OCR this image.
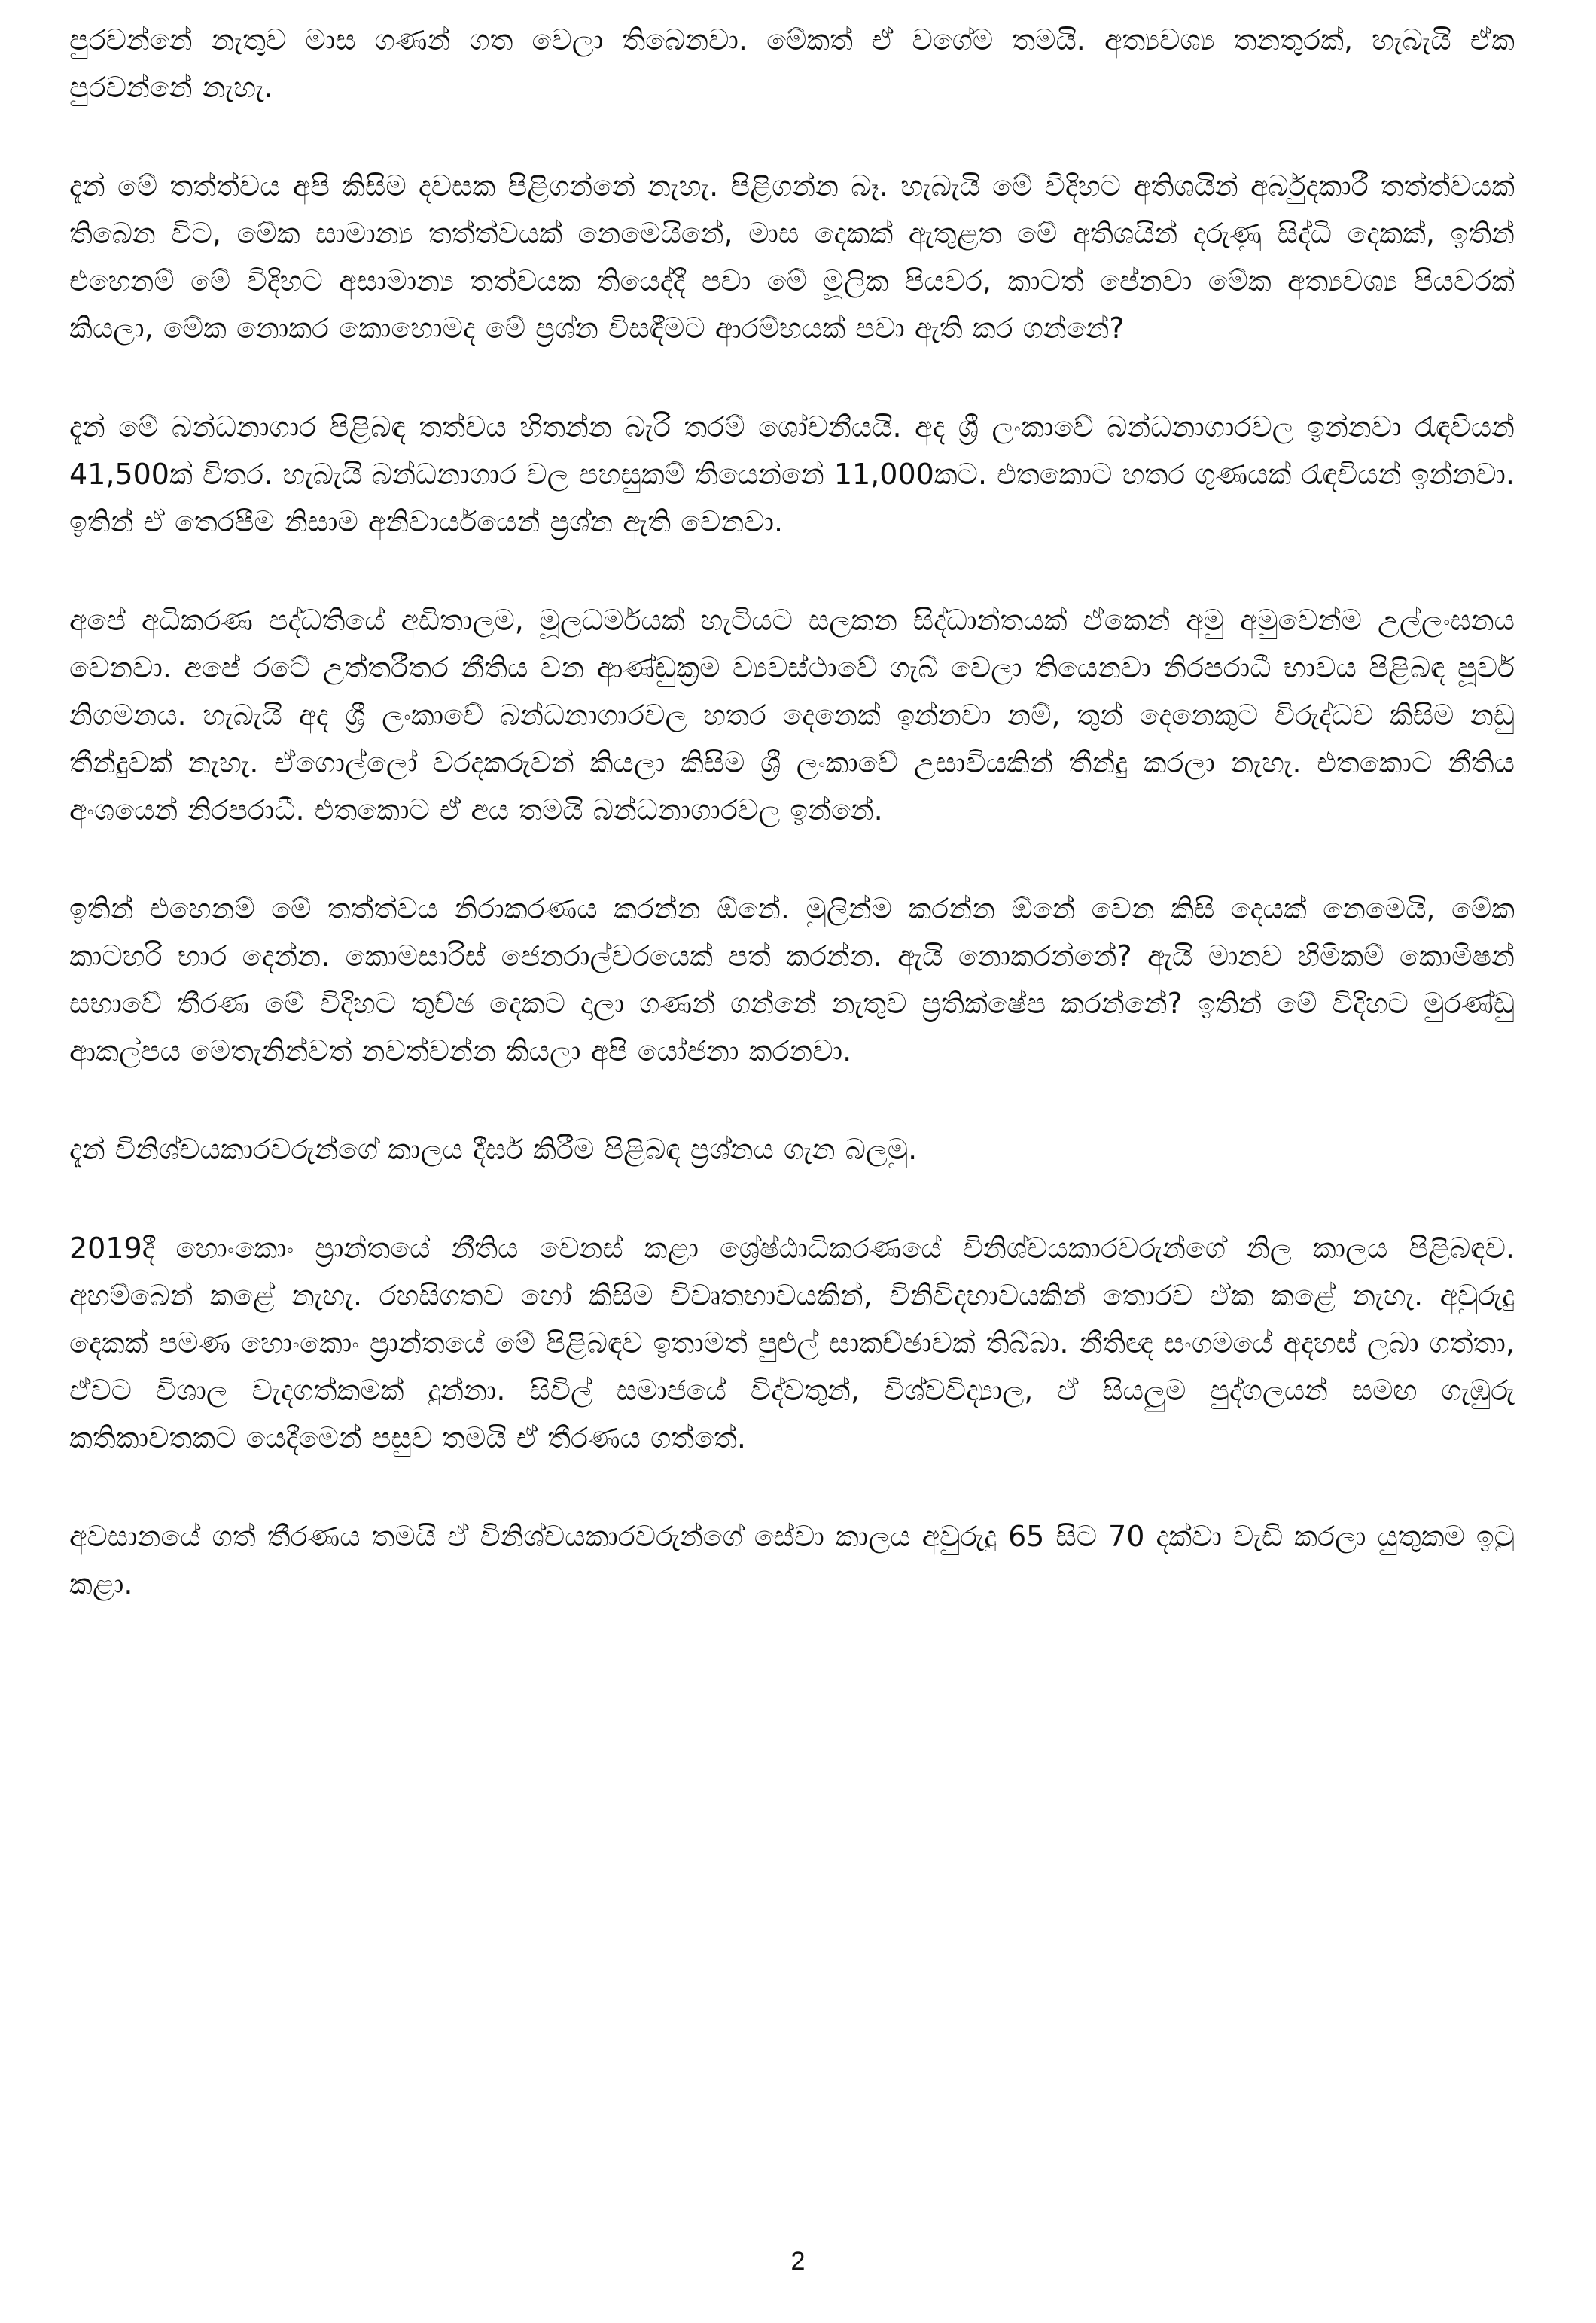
පුරවන්නේ නැතුව මාස ගණන් ගත වෙලා තිබෙනවා. මේකත් ඒ වගේම තමයි. අත්‍යවශ්‍ය තනතුරක්, හැබැයි ඒක පුරවන්නේ නැහැ.

දැන් මේ තත්ත්වය අපි කිසිම දවසක පිළිගන්නේ නැහැ. පිළිගන්න බෑ. හැබැයි මේ විදිහට අතිශයින් අර්බුදකාරී තත්ත්වයක් තිබෙන විට, මේක සාමාන්‍ය තත්ත්වයක් නෙමෙයිනේ, මාස දෙකක් ඇතුළත මේ අතිශයින් දරුණු සිද්ධි දෙකක්, ඉතින් එහෙනම් මේ විදිහට අසාමාන්‍ය තත්වයක තියෙද්දී පවා මේ මූලික පියවර, කාටත් පේනවා මේක අත්‍යවශ්‍ය පියවරක් කියලා, මේක නොකර කොහොමද මේ ප්‍රශ්න විසඳීමට ආරම්භයක් පවා ඇති කර ගන්නේ?

දැන් මේ බන්ධනාගාර පිළිබඳ තත්වය හිතන්න බැරි තරම් ශෝචනීයයි. අද ශ්‍රී ලංකාවේ බන්ධනාගාරවල ඉන්නවා රැඳවියන් 41,500ක් විතර. හැබැයි බන්ධනාගාර වල පහසුකම් තියෙන්නේ 11,000කට. එතකොට හතර ගුණයක් රැඳවියන් ඉන්නවා. ඉතින් ඒ තෙරපීම නිසාම අනිවාර්යයෙන් ප්‍රශ්න ඇති වෙනවා.

අපේ අධිකරණ පද්ධතියේ අඩිතාලම, මූලධර්මයක් හැටියට සලකන සිද්ධාන්තයක් ඒකෙන් අමු අමුවෙන්ම උල්ලංඝනය වෙනවා. අපේ රටේ උත්තරීතර නීතිය වන ආණ්ඩුක්‍රම ව්‍යවස්ථාවේ ගැබ් වෙලා තියෙනවා නිරපරාධී භාවය පිළිබඳ පූර්ව නිගමනය. හැබැයි අද ශ්‍රී ලංකාවේ බන්ධනාගාරවල හතර දෙනෙක් ඉන්නවා නම්, තුන් දෙනෙකුට විරුද්ධව කිසිම නඩු තීන්දුවක් නැහැ. ඒගොල්ලෝ වරදකරුවන් කියලා කිසිම ශ්‍රී ලංකාවේ උසාවියකින් තීන්දු කරලා නැහැ. එතකොට නීතිය අංශයෙන් නිරපරාධී. එතකොට ඒ අය තමයි බන්ධනාගාරවල ඉන්නේ.

ඉතින් එහෙනම් මේ තත්ත්වය නිරාකරණය කරන්න ඕනේ. මුලින්ම කරන්න ඕනේ වෙන කිසි දෙයක් නෙමෙයි, මේක කාටහරි භාර දෙන්න. කොමසාරිස් ජෙනරාල්වරයෙක් පත් කරන්න. ඇයි නොකරන්නේ? ඇයි මානව හිමිකම් කොමිෂන් සභාවේ තීරණ මේ විදිහට තුච්ඡ දෙකට දාලා ගණන් ගන්නේ නැතුව ප්‍රතික්ෂේප කරන්නේ? ඉතින් මේ විදිහට මුරණ්ඩු ආකල්පය මෙතැනින්වත් නවත්වන්න කියලා අපි යෝජනා කරනවා.

දැන් විනිශ්චයකාරවරුන්ගේ කාලය දීර්ඝ කිරීම පිළිබඳ ප්‍රශ්නය ගැන බලමු.

2019දී හොංකොං ප්‍රාන්තයේ නීතිය වෙනස් කළා ශ්‍රේෂ්ඨාධිකරණයේ විනිශ්චයකාරවරුන්ගේ නිල කාලය පිළිබඳව. අහම්බෙන් කළේ නැහැ. රහසිගතව හෝ කිසිම විවෘතභාවයකින්, විනිවිදභාවයකින් තොරව ඒක කළේ නැහැ. අවුරුදු දෙකක් පමණ හොංකොං ප්‍රාන්තයේ මේ පිළිබඳව ඉතාමත් පුළුල් සාකච්ඡාවක් තිබ්බා. නීතිඥ සංගමයේ අදහස් ලබා ගත්තා, ඒවට විශාල වැදගත්කමක් දුන්නා. සිවිල් සමාජයේ විද්වතුන්, විශ්වවිද්‍යාල, ඒ සියලුම පුද්ගලයන් සමඟ ගැඹුරු කතිකාවතකට යෙදීමෙන් පසුව තමයි ඒ තීරණය ගත්තේ.

අවසානයේ ගත් තීරණය තමයි ඒ විනිශ්චයකාරවරුන්ගේ සේවා කාලය අවුරුදු 65 සිට 70 දක්වා වැඩි කරලා යුතුකම ඉටු කළා.

2
